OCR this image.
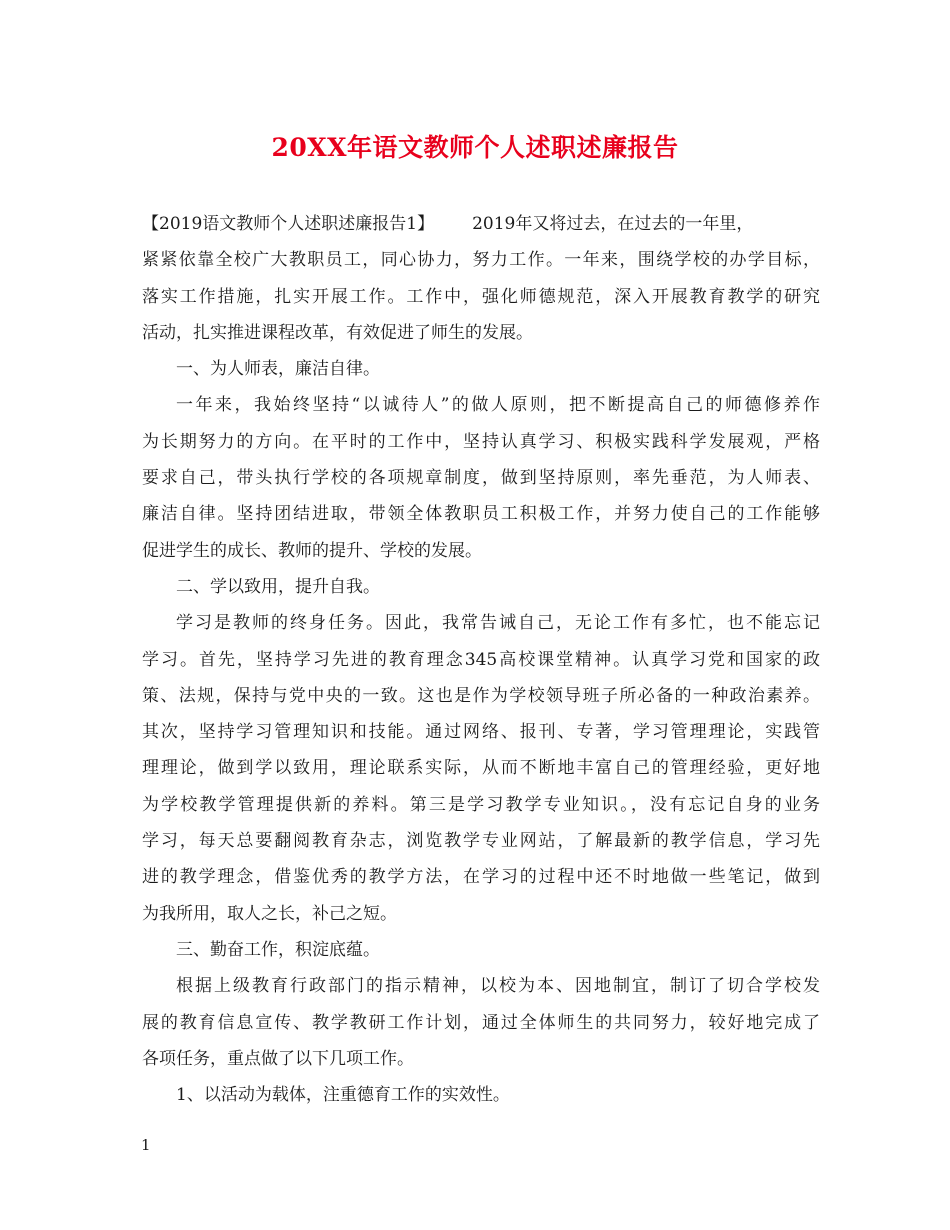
20XX年语文教师个人述职述廉报告
【2019语文教师个人述职述廉报告1】 2019年又将过去，在过去的一年里，
紧紧依靠全校广大教职员工，同心协力，努力工作。一年来，围绕学校的办学目标，
落实工作措施，扎实开展工作。工作中，强化师德规范，深入开展教育教学的研究
活动，扎实推进课程改革，有效促进了师生的发展。
一、为人师表，廉洁自律。
一年来，我始终坚持“以诚待人”的做人原则，把不断提高自己的师德修养作
为长期努力的方向。在平时的工作中，坚持认真学习、积极实践科学发展观，严格
要求自己，带头执行学校的各项规章制度，做到坚持原则，率先垂范，为人师表、
廉洁自律。坚持团结进取，带领全体教职员工积极工作，并努力使自己的工作能够
促进学生的成长、教师的提升、学校的发展。
二、学以致用，提升自我。
学习是教师的终身任务。因此，我常告诫自己，无论工作有多忙，也不能忘记
学习。首先，坚持学习先进的教育理念345高校课堂精神。认真学习党和国家的政
策、法规，保持与党中央的一致。这也是作为学校领导班子所必备的一种政治素养。
其次，坚持学习管理知识和技能。通过网络、报刊、专著，学习管理理论，实践管
理理论，做到学以致用，理论联系实际，从而不断地丰富自己的管理经验，更好地
为学校教学管理提供新的养料。第三是学习教学专业知识。，没有忘记自身的业务
学习，每天总要翻阅教育杂志，浏览教学专业网站，了解最新的教学信息，学习先
进的教学理念，借鉴优秀的教学方法，在学习的过程中还不时地做一些笔记，做到
为我所用，取人之长，补己之短。
三、勤奋工作，积淀底蕴。
根据上级教育行政部门的指示精神，以校为本、因地制宜，制订了切合学校发
展的教育信息宣传、教学教研工作计划，通过全体师生的共同努力，较好地完成了
各项任务，重点做了以下几项工作。
1、以活动为载体，注重德育工作的实效性。
1
